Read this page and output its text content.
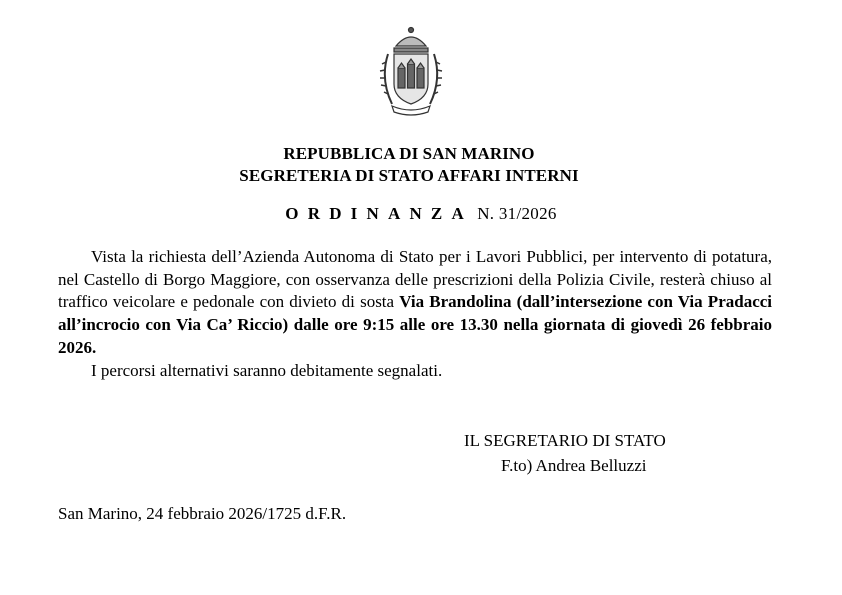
REPUBBLICA DI SAN MARINO
SEGRETERIA DI STATO AFFARI INTERNI
ORDINANZA N. 31/2026

Vista la richiesta dell’Azienda Autonoma di Stato per i Lavori Pubblici, per intervento di potatura, nel Castello di Borgo Maggiore, con osservanza delle prescrizioni della Polizia Civile, resterà chiuso al traffico veicolare e pedonale con divieto di sosta Via Brandolina (dall’intersezione con Via Pradacci all’incrocio con Via Ca’ Riccio) dalle ore 9:15 alle ore 13.30 nella giornata di giovedì 26 febbraio 2026.

I percorsi alternativi saranno debitamente segnalati.

IL SEGRETARIO DI STATO
F.to) Andrea Belluzzi
San Marino, 24 febbraio 2026/1725 d.F.R.
